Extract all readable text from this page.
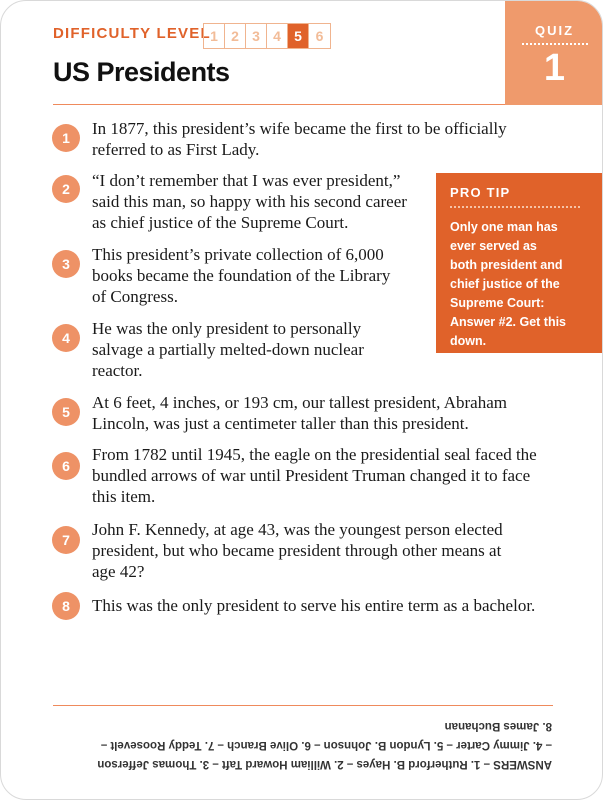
DIFFICULTY LEVEL 1 2 3 4 5 6
US Presidents
QUIZ
1
1	In 1877, this president’s wife became the first to be officially
referred to as First Lady.
2	“I don’t remember that I was ever president,”
said this man, so happy with his second career
as chief justice of the Supreme Court.
3	This president’s private collection of 6,000
books became the foundation of the Library
of Congress.
4	He was the only president to personally
salvage a partially melted-down nuclear
reactor.
5	At 6 feet, 4 inches, or 193 cm, our tallest president, Abraham
Lincoln, was just a centimeter taller than this president.
6
From 1782 until 1945, the eagle on the presidential seal faced the
bundled arrows of war until President Truman changed it to face
this item.
7
John F. Kennedy, at age 43, was the youngest person elected
president, but who became president through other means at
age 42?
8	This was the only president to serve his entire term as a bachelor.
PRO TIP
Only one man has
ever served as
both president and
chief justice of the
Supreme Court:
Answer #2. Get this
down.
ANSWERS – 1. Rutherford B. Hayes – 2. William Howard Taft – 3. Thomas Jefferson
– 4. Jimmy Carter – 5. Lyndon B. Johnson – 6. Olive Branch – 7. Teddy Roosevelt –
8. James Buchanan
